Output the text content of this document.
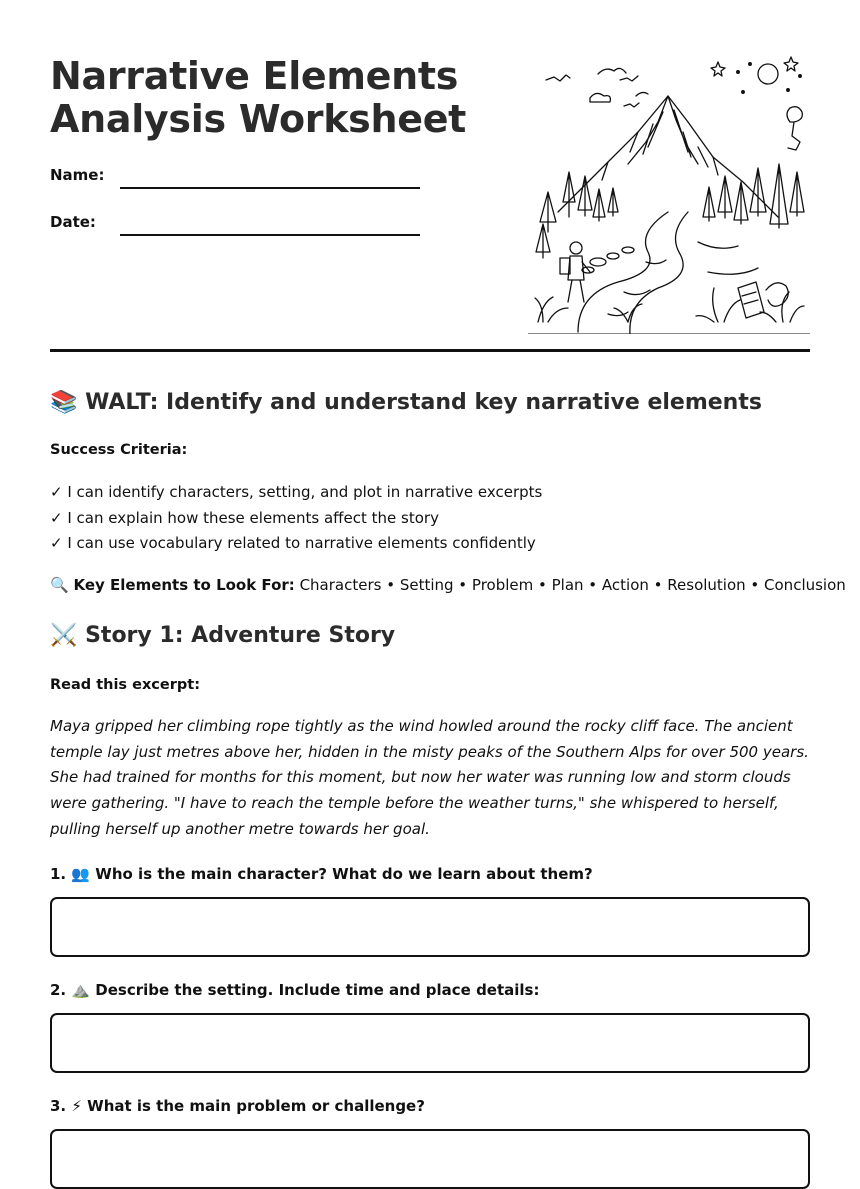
Narrative Elements Analysis Worksheet
Name:
Date:
📚 WALT: Identify and understand key narrative elements
Success Criteria:
✓ I can identify characters, setting, and plot in narrative excerpts
✓ I can explain how these elements affect the story
✓ I can use vocabulary related to narrative elements confidently
🔍 Key Elements to Look For: Characters • Setting • Problem • Plan • Action • Resolution • Conclusion
⚔️ Story 1: Adventure Story
Read this excerpt:
Maya gripped her climbing rope tightly as the wind howled around the rocky cliff face. The ancient temple lay just metres above her, hidden in the misty peaks of the Southern Alps for over 500 years. She had trained for months for this moment, but now her water was running low and storm clouds were gathering. "I have to reach the temple before the weather turns," she whispered to herself, pulling herself up another metre towards her goal.
1. 👥 Who is the main character? What do we learn about them?
2. ⛰️ Describe the setting. Include time and place details:
3. ⚡ What is the main problem or challenge?
